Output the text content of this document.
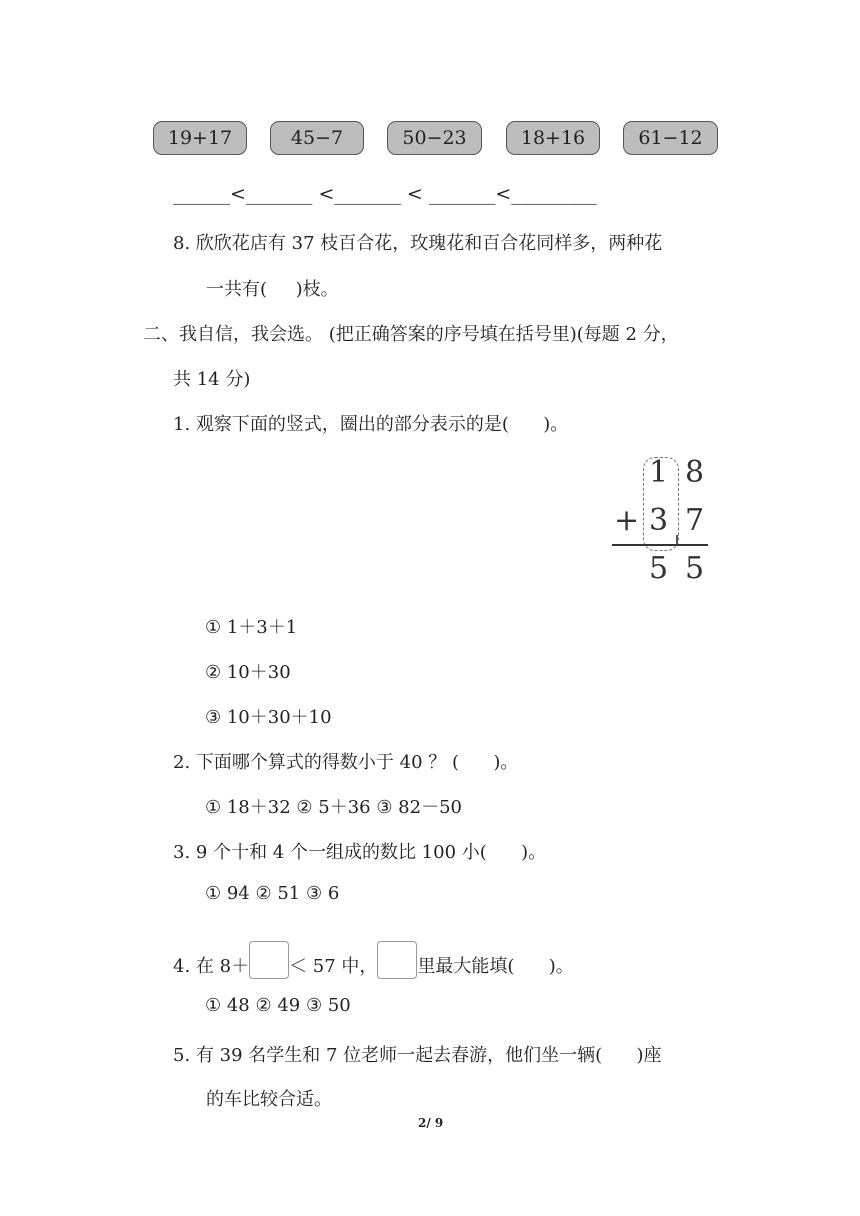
19+17	45−7	50−23	18+16	61−12
______<_______ <_______ < _______<_________
8. 欣欣花店有 37 枝百合花，玫瑰花和百合花同样多，两种花
一共有(     )枝。
二、我自信，我会选。 (把正确答案的序号填在括号里)(每题 2 分，
共 14 分)
1. 观察下面的竖式，圈出的部分表示的是(      )。
1 8
+ 3 7
5 5
① 1＋3＋1
② 10＋30
③ 10＋30＋10
2. 下面哪个算式的得数小于 40 ？ (      )。
① 18＋32 ② 5＋36 ③ 82－50
3. 9 个十和 4 个一组成的数比 100 小(      )。
① 94 ② 51 ③ 6
4. 在 8＋ ＜ 57 中， 里最大能填(      )。
① 48 ② 49 ③ 50
5. 有 39 名学生和 7 位老师一起去春游，他们坐一辆(      )座
的车比较合适。
2/ 9
